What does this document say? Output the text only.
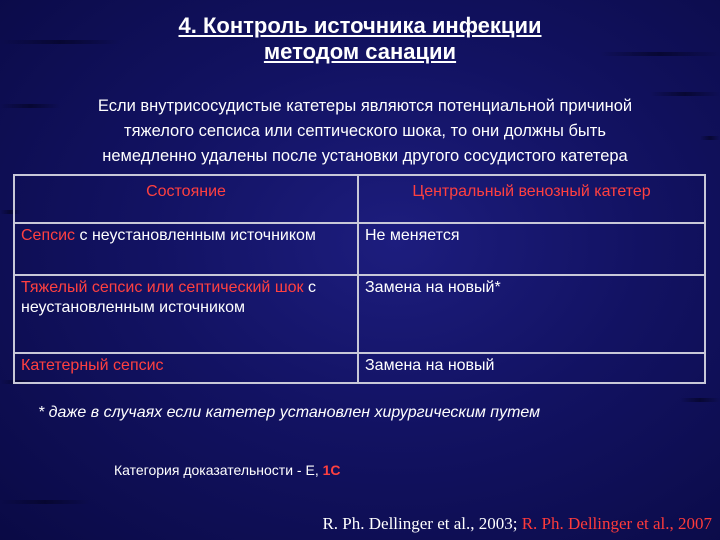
4. Контроль источника инфекции
методом санации
Если внутрисосудистые катетеры являются потенциальной причиной
тяжелого сепсиса или септического шока, то они должны быть
немедленно удалены после установки другого сосудистого катетера
Состояние	Центральный венозный катетер
Сепсис с неустановленным источником	Не меняется
Тяжелый сепсис или септический шок с неустановленным источником	Замена на новый*
Катетерный сепсис	Замена на новый
* даже в случаях если катетер установлен хирургическим путем
Категория доказательности - Е, 1С
R. Ph. Dellinger et al., 2003; R. Ph. Dellinger et al., 2007
